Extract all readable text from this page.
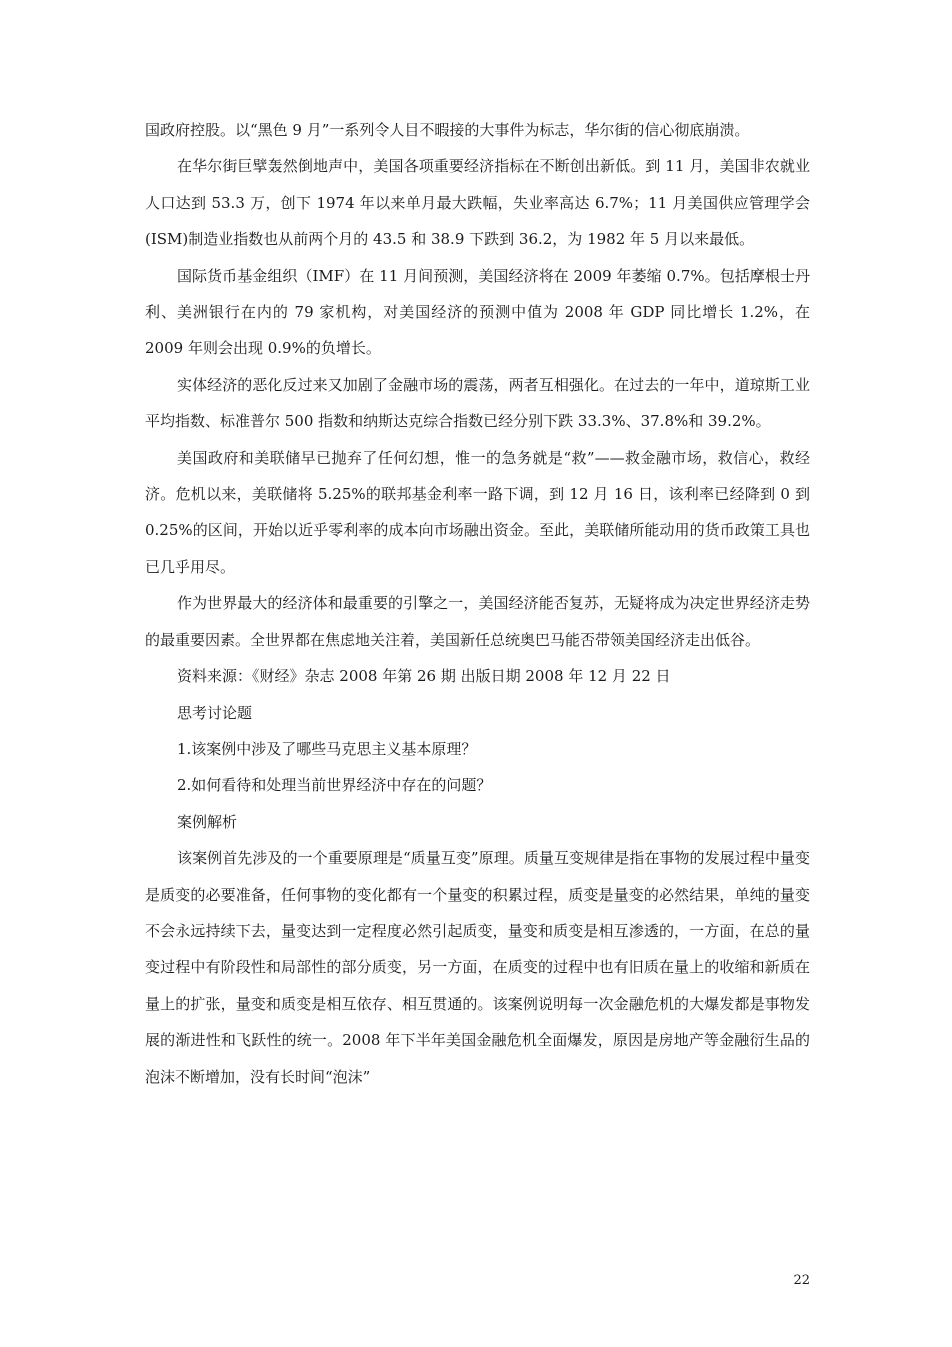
国政府控股。以“黑色 9 月”一系列令人目不暇接的大事件为标志，华尔街的信心彻底崩溃。

在华尔街巨擘轰然倒地声中，美国各项重要经济指标在不断创出新低。到 11 月，美国非农就业人口达到 53.3 万，创下 1974 年以来单月最大跌幅，失业率高达 6.7%；11 月美国供应管理学会(ISM)制造业指数也从前两个月的 43.5 和 38.9 下跌到 36.2，为 1982 年 5 月以来最低。

国际货币基金组织（IMF）在 11 月间预测，美国经济将在 2009 年萎缩 0.7%。包括摩根士丹利、美洲银行在内的 79 家机构，对美国经济的预测中值为 2008 年 GDP 同比增长 1.2%，在 2009 年则会出现 0.9%的负增长。

实体经济的恶化反过来又加剧了金融市场的震荡，两者互相强化。在过去的一年中，道琼斯工业平均指数、标准普尔 500 指数和纳斯达克综合指数已经分别下跌 33.3%、37.8%和 39.2%。

美国政府和美联储早已抛弃了任何幻想，惟一的急务就是“救”——救金融市场，救信心，救经济。危机以来，美联储将 5.25%的联邦基金利率一路下调，到 12 月 16 日，该利率已经降到 0 到 0.25%的区间，开始以近乎零利率的成本向市场融出资金。至此，美联储所能动用的货币政策工具也已几乎用尽。

作为世界最大的经济体和最重要的引擎之一，美国经济能否复苏，无疑将成为决定世界经济走势的最重要因素。全世界都在焦虑地关注着，美国新任总统奥巴马能否带领美国经济走出低谷。

资料来源：《财经》杂志 2008 年第 26 期 出版日期 2008 年 12 月 22 日

思考讨论题

1.该案例中涉及了哪些马克思主义基本原理？

2.如何看待和处理当前世界经济中存在的问题？

案例解析

该案例首先涉及的一个重要原理是“质量互变”原理。质量互变规律是指在事物的发展过程中量变是质变的必要准备，任何事物的变化都有一个量变的积累过程，质变是量变的必然结果，单纯的量变不会永远持续下去，量变达到一定程度必然引起质变，量变和质变是相互渗透的，一方面，在总的量变过程中有阶段性和局部性的部分质变，另一方面，在质变的过程中也有旧质在量上的收缩和新质在量上的扩张，量变和质变是相互依存、相互贯通的。该案例说明每一次金融危机的大爆发都是事物发展的渐进性和飞跃性的统一。2008 年下半年美国金融危机全面爆发，原因是房地产等金融衍生品的泡沫不断增加，没有长时间“泡沫”

22
